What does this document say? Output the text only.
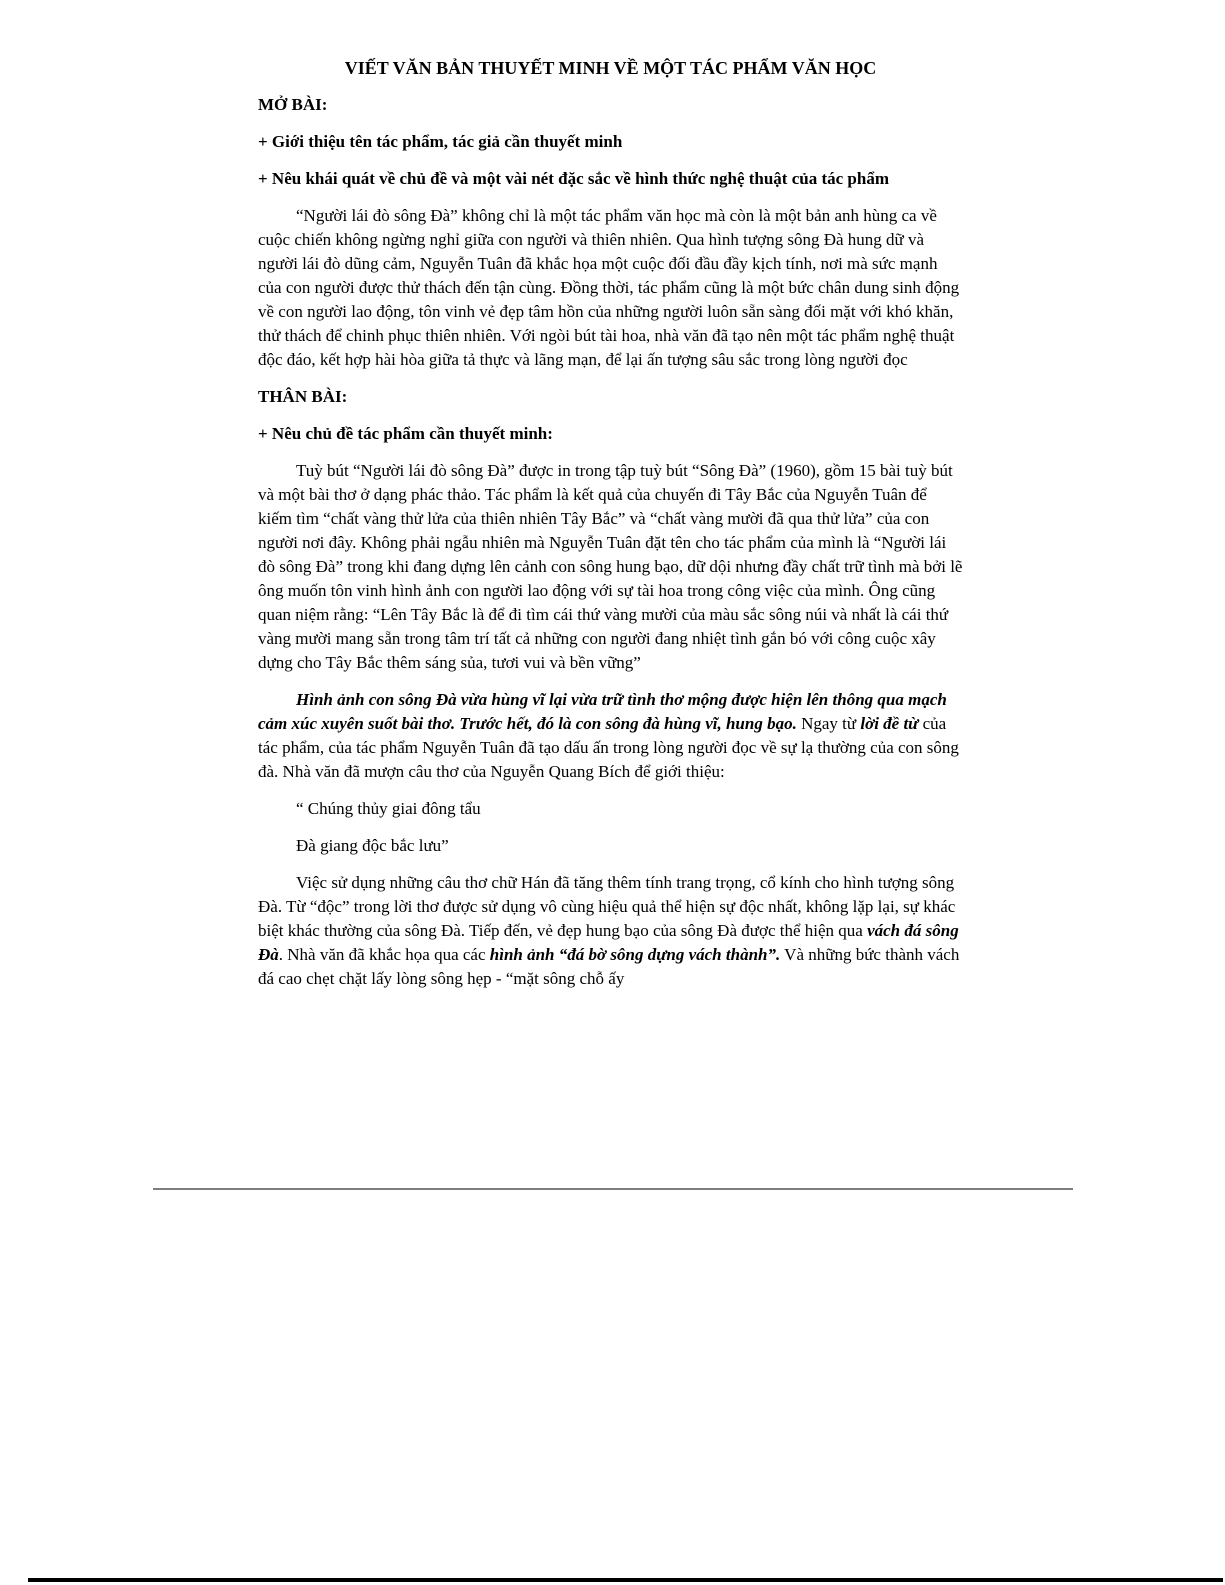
VIẾT VĂN BẢN THUYẾT MINH VỀ MỘT TÁC PHẨM VĂN HỌC
MỞ BÀI:
+ Giới thiệu tên tác phẩm, tác giả cần thuyết minh
+ Nêu khái quát về chủ đề và một vài nét đặc sắc về hình thức nghệ thuật của tác phẩm
“Người lái đò sông Đà” không chỉ là một tác phẩm văn học mà còn là một bản anh hùng ca về cuộc chiến không ngừng nghỉ giữa con người và thiên nhiên. Qua hình tượng sông Đà hung dữ và người lái đò dũng cảm, Nguyễn Tuân đã khắc họa một cuộc đối đầu đầy kịch tính, nơi mà sức mạnh của con người được thử thách đến tận cùng. Đồng thời, tác phẩm cũng là một bức chân dung sinh động về con người lao động, tôn vinh vẻ đẹp tâm hồn của những người luôn sẵn sàng đối mặt với khó khăn, thử thách để chinh phục thiên nhiên. Với ngòi bút tài hoa, nhà văn đã tạo nên một tác phẩm nghệ thuật độc đáo, kết hợp hài hòa giữa tả thực và lãng mạn, để lại ấn tượng sâu sắc trong lòng người đọc
THÂN BÀI:
+ Nêu chủ đề tác phẩm cần thuyết minh:
Tuỳ bút “Người lái đò sông Đà” được in trong tập tuỳ bút “Sông Đà” (1960), gồm 15 bài tuỳ bút và một bài thơ ở dạng phác thảo. Tác phẩm là kết quả của chuyến đi Tây Bắc của Nguyễn Tuân để kiếm tìm “chất vàng thử lửa của thiên nhiên Tây Bắc” và “chất vàng mười đã qua thử lửa” của con người nơi đây. Không phải ngẫu nhiên mà Nguyễn Tuân đặt tên cho tác phẩm của mình là “Người lái đò sông Đà” trong khi đang dựng lên cảnh con sông hung bạo, dữ dội nhưng đầy chất trữ tình mà bởi lẽ ông muốn tôn vinh hình ảnh con người lao động với sự tài hoa trong công việc của mình. Ông cũng quan niệm rằng: “Lên Tây Bắc là để đi tìm cái thứ vàng mười của màu sắc sông núi và nhất là cái thứ vàng mười mang sẵn trong tâm trí tất cả những con người đang nhiệt tình gắn bó với công cuộc xây dựng cho Tây Bắc thêm sáng sủa, tươi vui và bền vững”
Hình ảnh con sông Đà vừa hùng vĩ lại vừa trữ tình thơ mộng được hiện lên thông qua mạch cảm xúc xuyên suốt bài thơ. Trước hết, đó là con sông đà hùng vĩ, hung bạo. Ngay từ lời đề từ của tác phẩm, của tác phẩm Nguyễn Tuân đã tạo dấu ấn trong lòng người đọc về sự lạ thường của con sông đà. Nhà văn đã mượn câu thơ của Nguyễn Quang Bích để giới thiệu:
“ Chúng thủy giai đông tẩu
Đà giang độc bắc lưu”
Việc sử dụng những câu thơ chữ Hán đã tăng thêm tính trang trọng, cổ kính cho hình tượng sông Đà. Từ “độc” trong lời thơ được sử dụng vô cùng hiệu quả thể hiện sự độc nhất, không lặp lại, sự khác biệt khác thường của sông Đà. Tiếp đến, vẻ đẹp hung bạo của sông Đà được thể hiện qua vách đá sông Đà. Nhà văn đã khắc họa qua các hình ảnh “đá bờ sông dựng vách thành”. Và những bức thành vách đá cao chẹt chặt lấy lòng sông hẹp - “mặt sông chỗ ấy
